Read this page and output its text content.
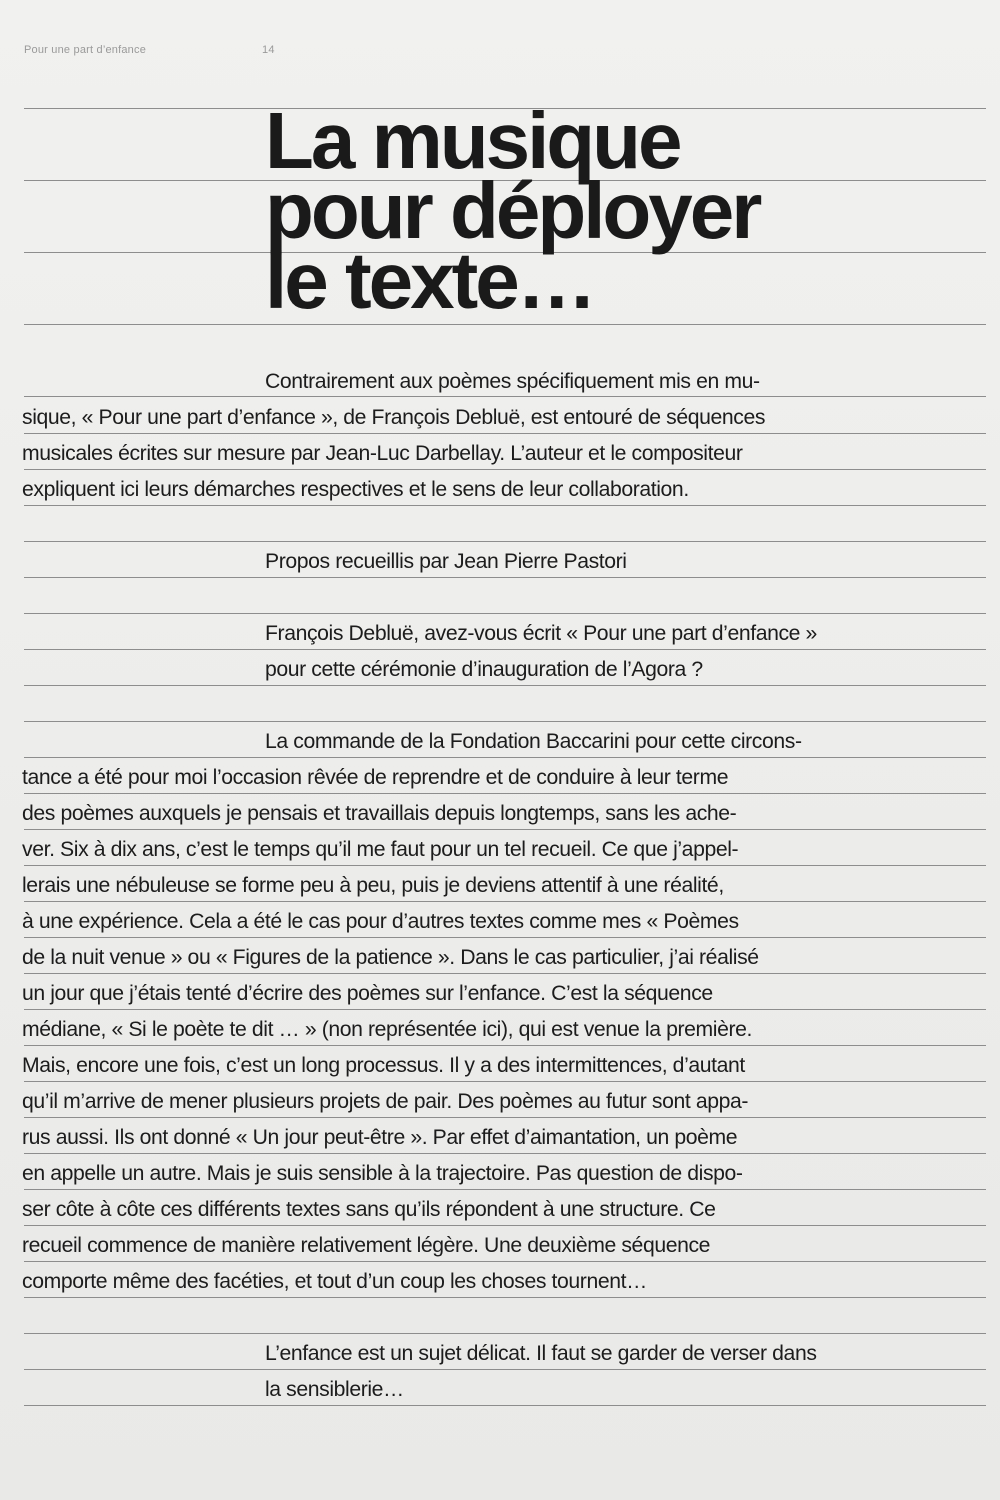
Pour une part d’enfance	14
La musique
pour déployer
le texte…
Contrairement aux poèmes spécifiquement mis en mu-
sique, « Pour une part d’enfance », de François Debluë, est entouré de séquences
musicales écrites sur mesure par Jean-Luc Darbellay. L’auteur et le compositeur
expliquent ici leurs démarches respectives et le sens de leur collaboration.
Propos recueillis par Jean Pierre Pastori
François Debluë, avez-vous écrit « Pour une part d’enfance »
pour cette cérémonie d’inauguration de l’Agora ?
La commande de la Fondation Baccarini pour cette circons-
tance a été pour moi l’occasion rêvée de reprendre et de conduire à leur terme
des poèmes auxquels je pensais et travaillais depuis longtemps, sans les ache-
ver. Six à dix ans, c’est le temps qu’il me faut pour un tel recueil. Ce que j’appel-
lerais une nébuleuse se forme peu à peu, puis je deviens attentif à une réalité,
à une expérience. Cela a été le cas pour d’autres textes comme mes « Poèmes
de la nuit venue » ou « Figures de la patience ». Dans le cas particulier, j’ai réalisé
un jour que j’étais tenté d’écrire des poèmes sur l’enfance. C’est la séquence
médiane, « Si le poète te dit … » (non représentée ici), qui est venue la première.
Mais, encore une fois, c’est un long processus. Il y a des intermittences, d’autant
qu’il m’arrive de mener plusieurs projets de pair. Des poèmes au futur sont appa-
rus aussi. Ils ont donné « Un jour peut-être ». Par effet d’aimantation, un poème
en appelle un autre. Mais je suis sensible à la trajectoire. Pas question de dispo-
ser côte à côte ces différents textes sans qu’ils répondent à une structure. Ce
recueil commence de manière relativement légère. Une deuxième séquence
comporte même des facéties, et tout d’un coup les choses tournent…
L’enfance est un sujet délicat. Il faut se garder de verser dans
la sensiblerie…
